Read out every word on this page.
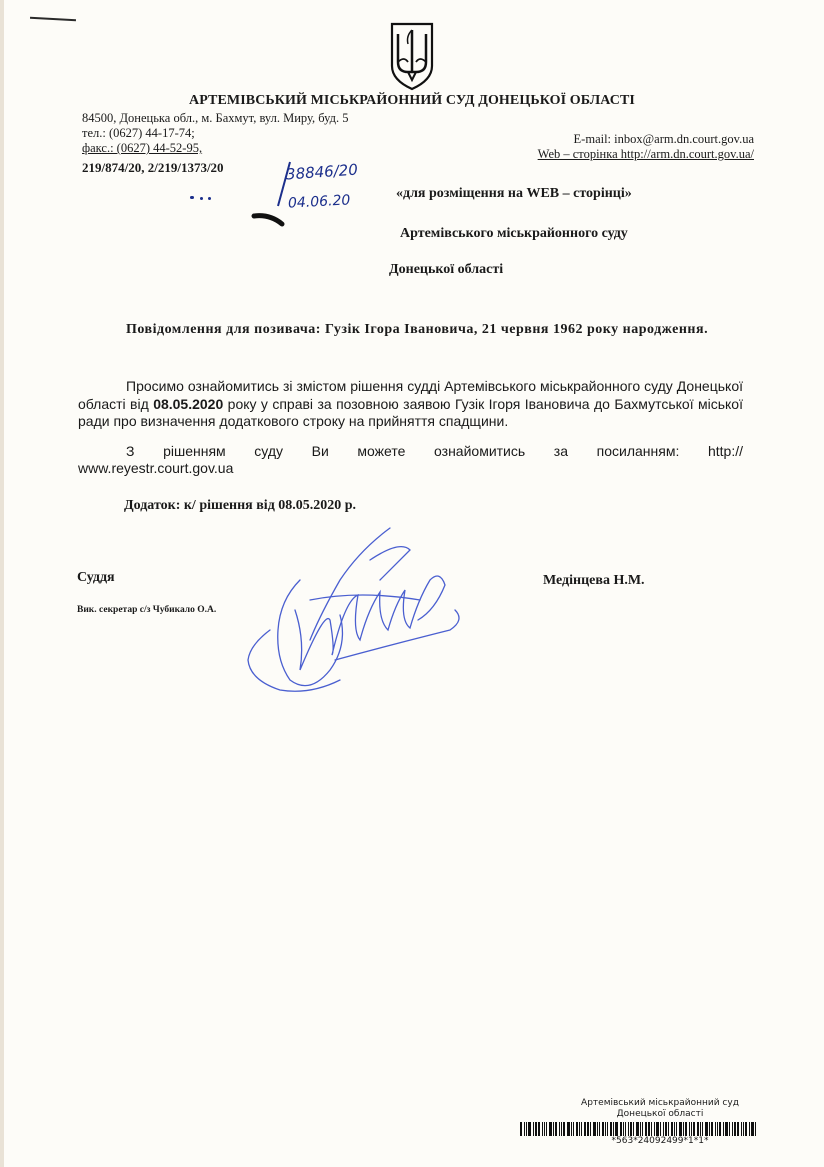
АРТЕМІВСЬКИЙ МІСЬКРАЙОННИЙ СУД ДОНЕЦЬКОЇ ОБЛАСТІ
84500, Донецька обл., м. Бахмут, вул. Миру, буд. 5
тел.: (0627) 44-17-74;
факс.: (0627) 44-52-95,
E-mail: inbox@arm.dn.court.gov.ua
Web – сторінка http://arm.dn.court.gov.ua/
219/874/20, 2/219/1373/20	38846/20
04.06.20	«для розміщення на WEB – сторінці»
Артемівського міськрайонного суду
Донецької області
Повідомлення для позивача: Гузік Ігора Івановича, 21 червня 1962 року народження.
Просимо ознайомитись зі змістом рішення судді Артемівського міськрайонного суду Донецької області від 08.05.2020 року у справі за позовною заявою Гузік Ігоря Івановича до Бахмутської міської ради про визначення додаткового строку на прийняття спадщини.
З рішенням суду Ви можете ознайомитись за посиланням: http://
www.reyestr.court.gov.ua
Додаток: к/ рішення від 08.05.2020 р.
Суддя	Медінцева Н.М.
Вик. секретар с/з Чубикало О.А.
Артемівський міськрайонний суд
Донецької області
*563*24092499*1*1*
